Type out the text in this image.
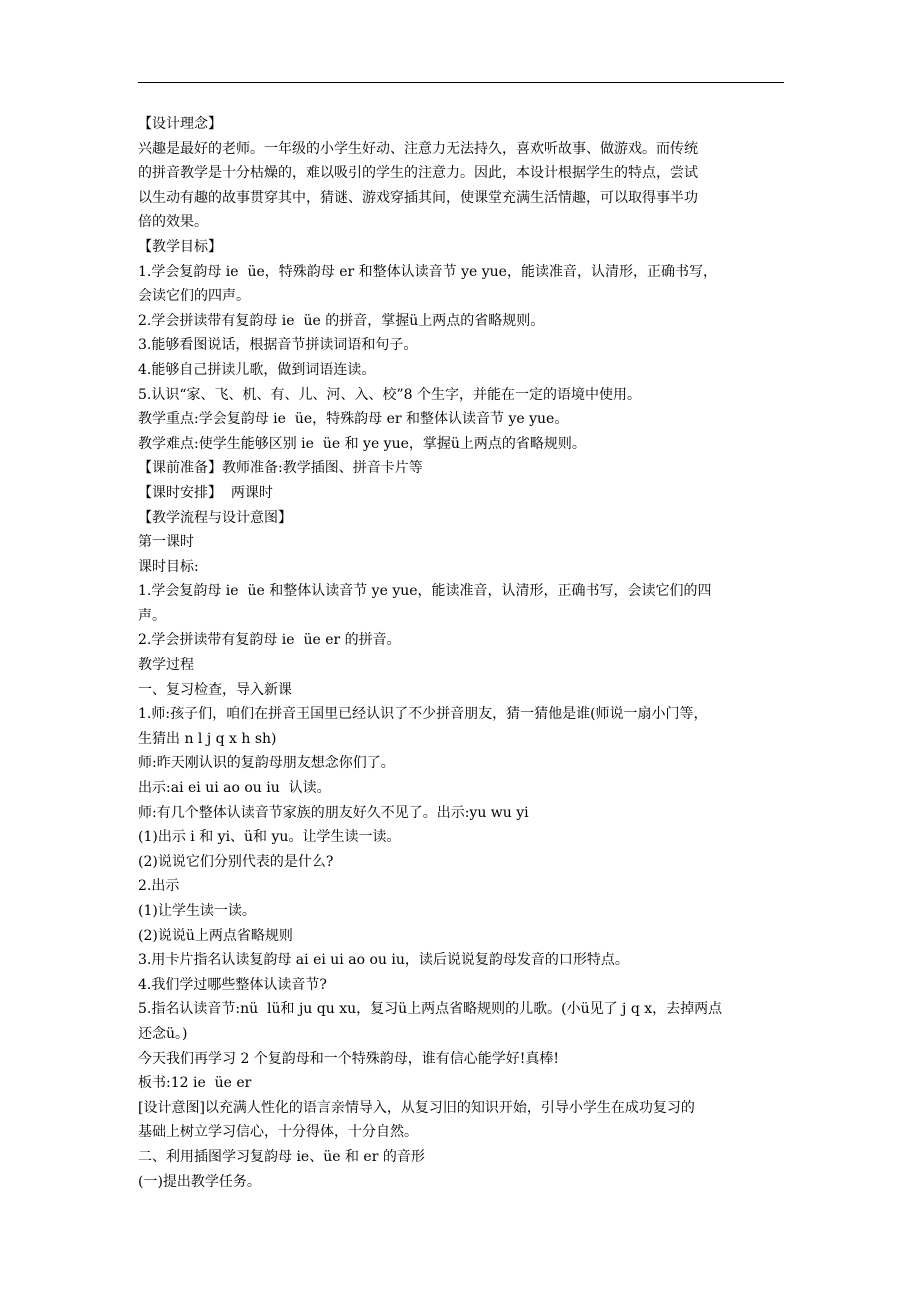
【设计理念】
兴趣是最好的老师。一年级的小学生好动、注意力无法持久，喜欢听故事、做游戏。而传统
的拼音教学是十分枯燥的，难以吸引的学生的注意力。因此，本设计根据学生的特点，尝试
以生动有趣的故事贯穿其中，猜谜、游戏穿插其间，使课堂充满生活情趣，可以取得事半功
倍的效果。
【教学目标】
1.学会复韵母 ie  üe，特殊韵母 er 和整体认读音节 ye yue，能读准音，认清形，正确书写，
会读它们的四声。
2.学会拼读带有复韵母 ie  üe 的拼音，掌握ü上两点的省略规则。
3.能够看图说话，根据音节拼读词语和句子。
4.能够自己拼读儿歌，做到词语连读。
5.认识“家、飞、机、有、儿、河、入、校”8 个生字，并能在一定的语境中使用。
教学重点:学会复韵母 ie  üe，特殊韵母 er 和整体认读音节 ye yue。
教学难点:使学生能够区别 ie  üe 和 ye yue，掌握ü上两点的省略规则。
【课前准备】教师准备:教学插图、拼音卡片等
【课时安排】  两课时
【教学流程与设计意图】
第一课时
课时目标:
1.学会复韵母 ie  üe 和整体认读音节 ye yue，能读准音，认清形，正确书写，会读它们的四
声。
2.学会拼读带有复韵母 ie  üe er 的拼音。
教学过程
一、复习检查，导入新课
1.师:孩子们，咱们在拼音王国里已经认识了不少拼音朋友，猜一猜他是谁(师说一扇小门等，
生猜出 n l j q x h sh)
师:昨天刚认识的复韵母朋友想念你们了。
出示:ai ei ui ao ou iu  认读。
师:有几个整体认读音节家族的朋友好久不见了。出示:yu wu yi
(1)出示 i 和 yi、ü和 yu。让学生读一读。
(2)说说它们分别代表的是什么?
2.出示
(1)让学生读一读。
(2)说说ü上两点省略规则
3.用卡片指名认读复韵母 ai ei ui ao ou iu，读后说说复韵母发音的口形特点。
4.我们学过哪些整体认读音节?
5.指名认读音节:nü  lü和 ju qu xu，复习ü上两点省略规则的儿歌。(小ü见了 j q x，去掉两点
还念ü。)
今天我们再学习 2 个复韵母和一个特殊韵母，谁有信心能学好!真棒!
板书:12 ie  üe er
[设计意图]以充满人性化的语言亲情导入，从复习旧的知识开始，引导小学生在成功复习的
基础上树立学习信心，十分得体，十分自然。
二、利用插图学习复韵母 ie、üe 和 er 的音形
(一)提出教学任务。
